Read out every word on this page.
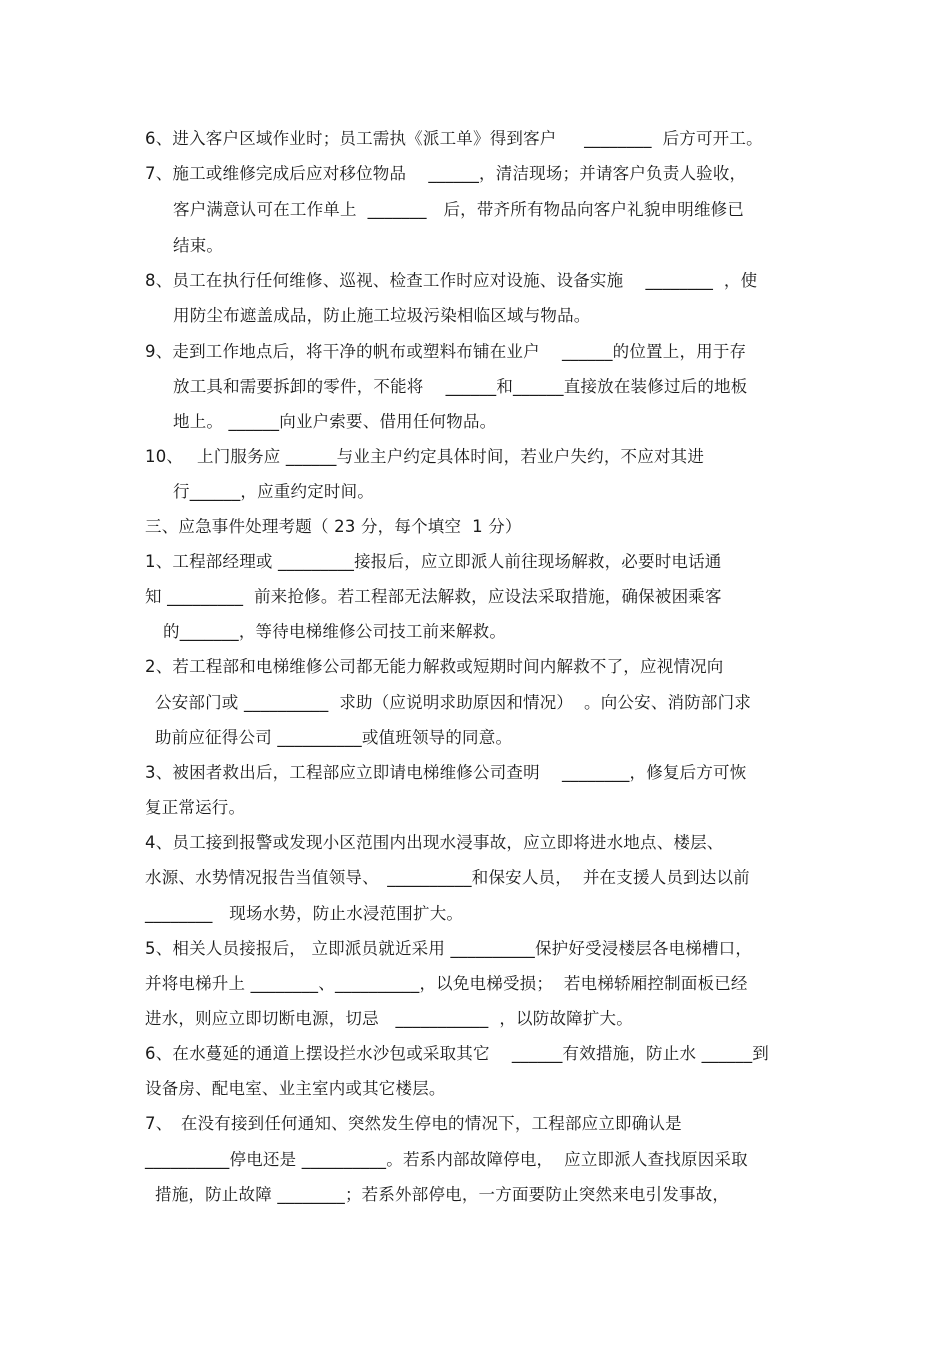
6、进入客户区域作业时；员工需执《派工单》得到客户　  ________  后方可开工。
7、施工或维修完成后应对移位物品　 ______，清洁现场；并请客户负责人验收，
客户满意认可在工作单上  _______　后，带齐所有物品向客户礼貌申明维修已
结束。
8、员工在执行任何维修、巡视、检查工作时应对设施、设备实施　 ________  ，使
用防尘布遮盖成品，防止施工垃圾污染相临区域与物品。
9、走到工作地点后，将干净的帆布或塑料布铺在业户　 ______的位置上，用于存
放工具和需要拆卸的零件，不能将　 ______和______直接放在装修过后的地板
地上。 ______向业户索要、借用任何物品。
10、　 上门服务应 ______与业主户约定具体时间，若业户失约，不应对其进
行______，应重约定时间。
三、应急事件处理考题（ 23 分，每个填空  1 分）
1、工程部经理或 _________接报后，应立即派人前往现场解救，必要时电话通
知 _________  前来抢修。若工程部无法解救，应设法采取措施，确保被困乘客
的_______，等待电梯维修公司技工前来解救。
2、若工程部和电梯维修公司都无能力解救或短期时间内解救不了，应视情况向
公安部门或 __________  求助（应说明求助原因和情况）  。向公安、消防部门求
助前应征得公司 __________或值班领导的同意。
3、被困者救出后，工程部应立即请电梯维修公司查明　 ________，修复后方可恢
复正常运行。
4、员工接到报警或发现小区范围内出现水浸事故，应立即将进水地点、楼层、
水源、水势情况报告当值领导、　__________和保安人员，  并在支援人员到达以前
________　现场水势，防止水浸范围扩大。
5、相关人员接报后， 立即派员就近采用 __________保护好受浸楼层各电梯槽口，
并将电梯升上 ________、__________，以免电梯受损；  若电梯轿厢控制面板已经
进水，则应立即切断电源，切忌　___________  ，以防故障扩大。
6、在水蔓延的通道上摆设拦水沙包或采取其它　 ______有效措施，防止水 ______到
设备房、配电室、业主室内或其它楼层。
7、　在没有接到任何通知、突然发生停电的情况下，工程部应立即确认是
__________停电还是 __________。若系内部故障停电，  应立即派人查找原因采取
措施，防止故障 ________；若系外部停电，一方面要防止突然来电引发事故，
